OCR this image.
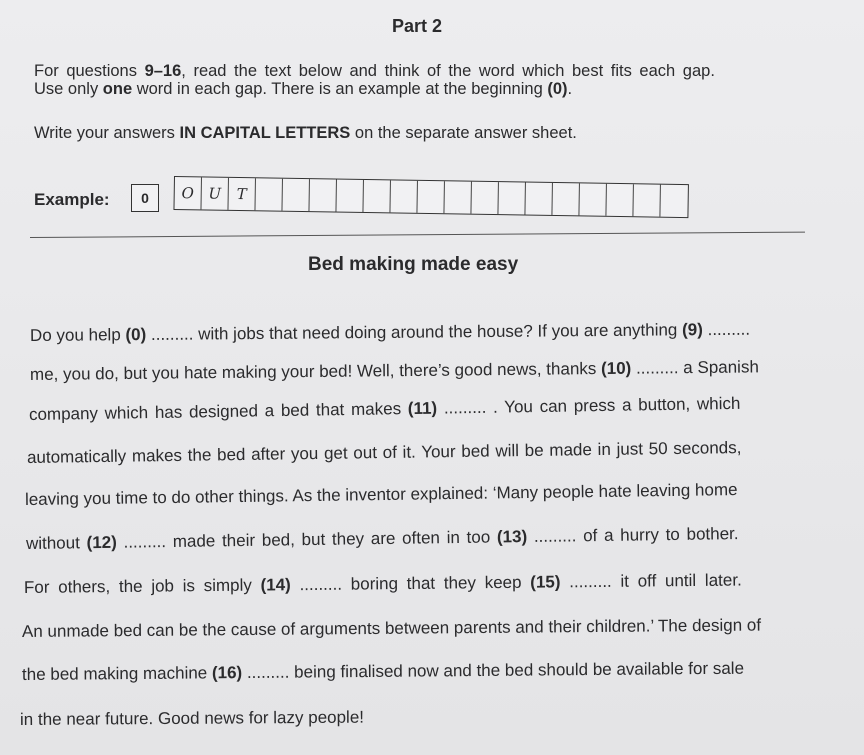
Part 2
For questions 9–16, read the text below and think of the word which best fits each gap.
Use only one word in each gap. There is an example at the beginning (0).
Write your answers IN CAPITAL LETTERS on the separate answer sheet.
Example:	0	O U	T
Bed making made easy
Do you help (0) ......... with jobs that need doing around the house? If you are anything (9) .........
me, you do, but you hate making your bed! Well, there’s good news, thanks (10) ......... a Spanish
company which has designed a bed that makes (11) ......... . You can press a button, which
automatically makes the bed after you get out of it. Your bed will be made in just 50 seconds,
leaving you time to do other things. As the inventor explained: ‘Many people hate leaving home
without (12) ......... made their bed, but they are often in too (13) ......... of a hurry to bother.
For others, the job is simply (14) ......... boring that they keep (15) ......... it off until later.
An unmade bed can be the cause of arguments between parents and their children.’ The design of
the bed making machine (16) ......... being finalised now and the bed should be available for sale
in the near future. Good news for lazy people!
